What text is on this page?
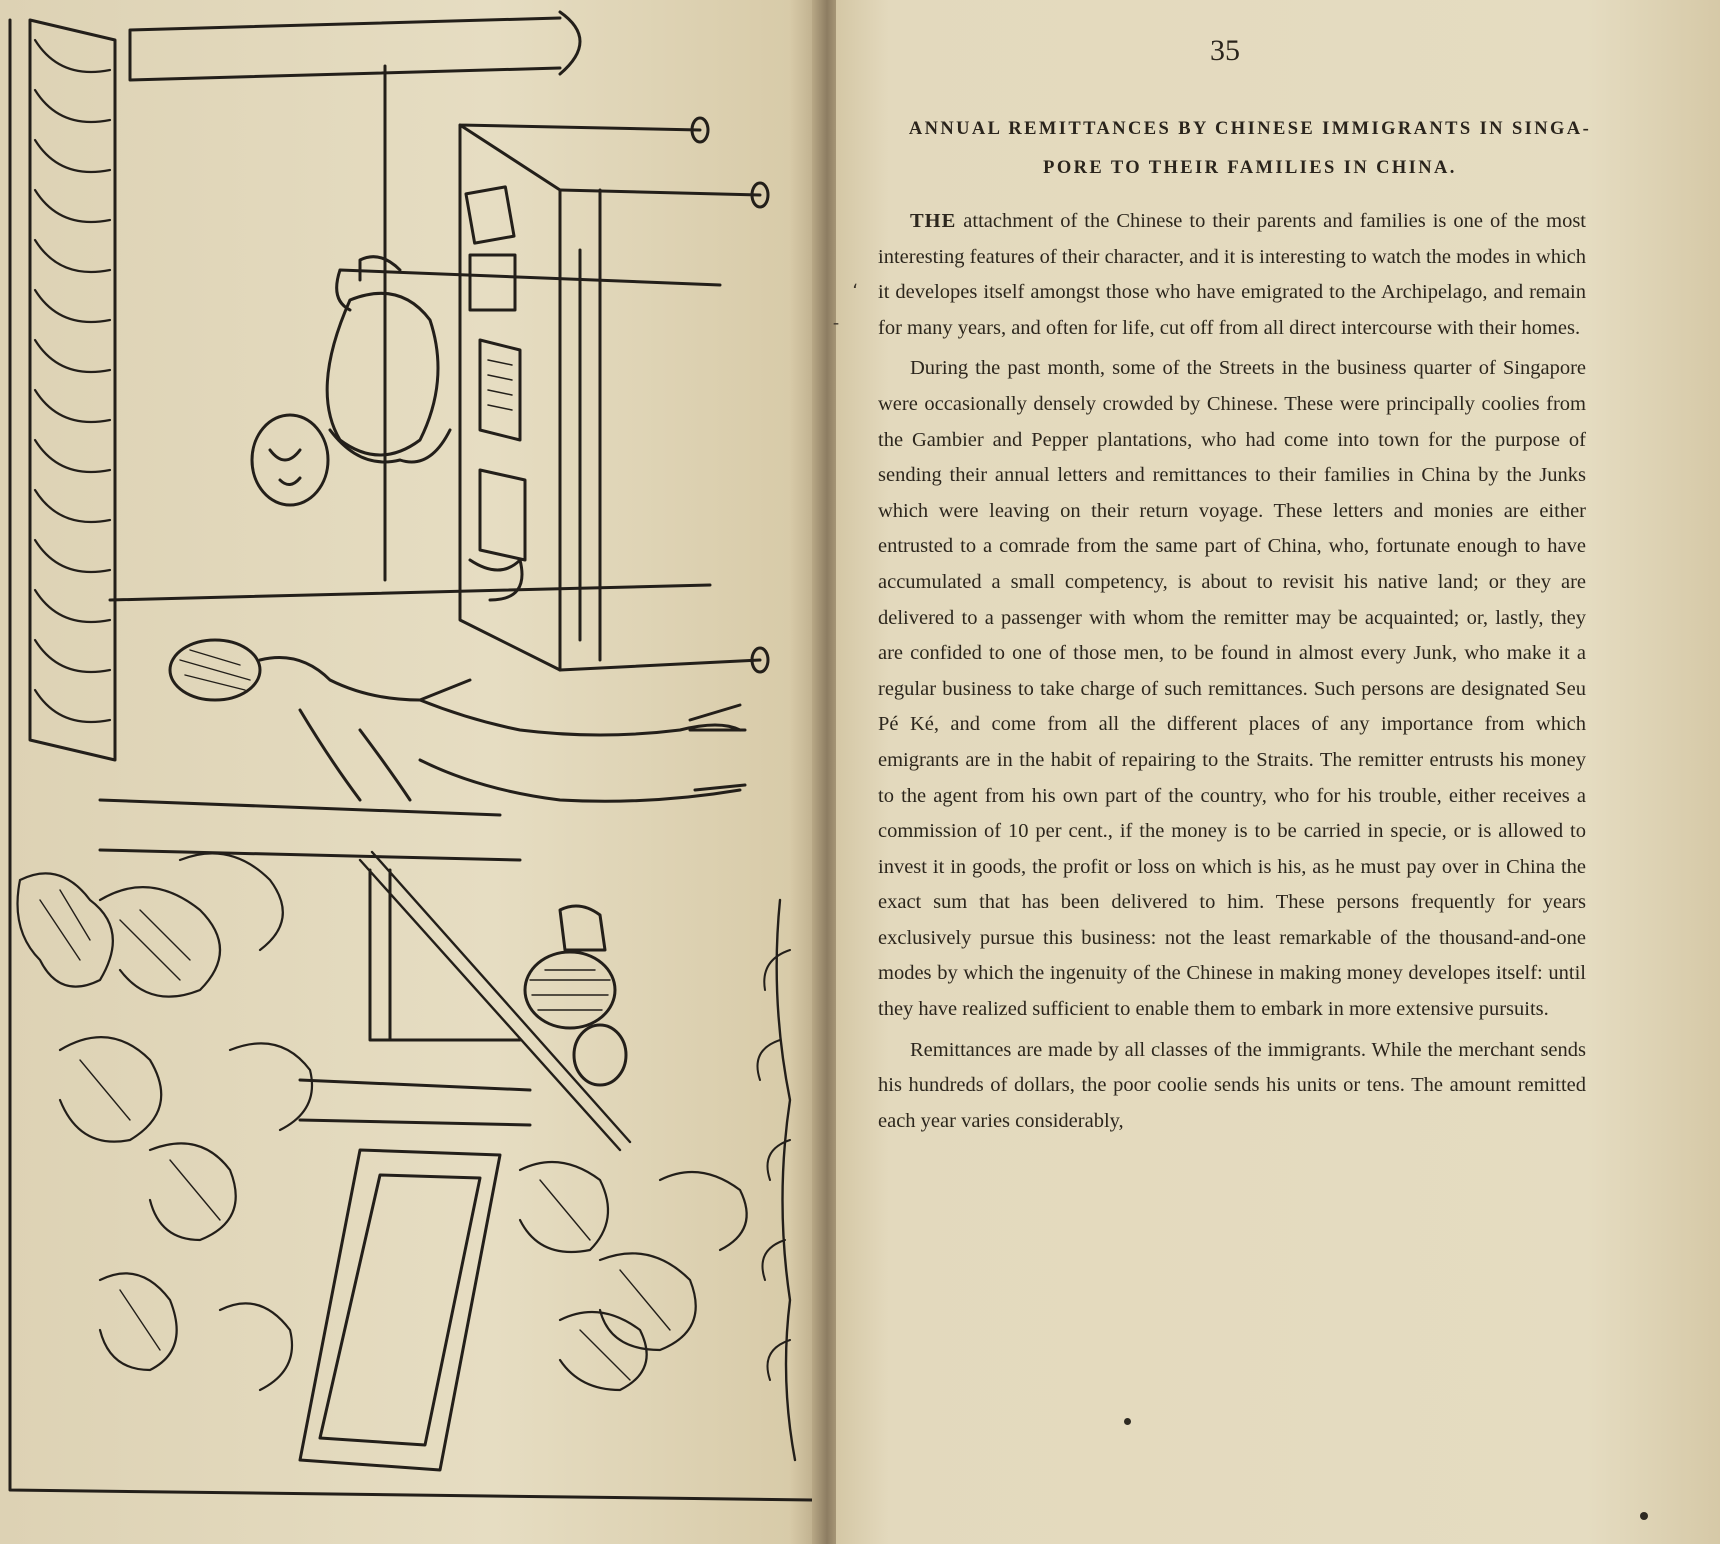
35
ANNUAL REMITTANCES BY CHINESE IMMIGRANTS IN SINGA-
PORE TO THEIR FAMILIES IN CHINA.

THE attachment of the Chinese to their parents and families is one of the most interesting features of their character, and it is interesting to watch the modes in which it developes itself amongst those who have emigrated to the Archipelago, and remain for many years, and often for life, cut off from all direct intercourse with their homes.

During the past month, some of the Streets in the business quarter of Singapore were occasionally densely crowded by Chinese. These were principally coolies from the Gambier and Pepper plantations, who had come into town for the purpose of sending their annual letters and remittances to their families in China by the Junks which were leaving on their return voyage. These letters and monies are either entrusted to a comrade from the same part of China, who, fortunate enough to have accumulated a small competency, is about to revisit his native land; or they are delivered to a passenger with whom the remitter may be acquainted; or, lastly, they are confided to one of those men, to be found in almost every Junk, who make it a regular business to take charge of such remittances. Such persons are designated Seu Pé Ké, and come from all the different places of any importance from which emigrants are in the habit of repairing to the Straits. The remitter entrusts his money to the agent from his own part of the country, who for his trouble, either receives a commission of 10 per cent., if the money is to be carried in specie, or is allowed to invest it in goods, the profit or loss on which is his, as he must pay over in China the exact sum that has been delivered to him. These persons frequently for years exclusively pursue this business: not the least remarkable of the thousand-and-one modes by which the ingenuity of the Chinese in making money developes itself: until they have realized sufficient to enable them to embark in more extensive pursuits.

Remittances are made by all classes of the immigrants. While the merchant sends his hundreds of dollars, the poor coolie sends his units or tens. The amount remitted each year varies considerably,

،
-
